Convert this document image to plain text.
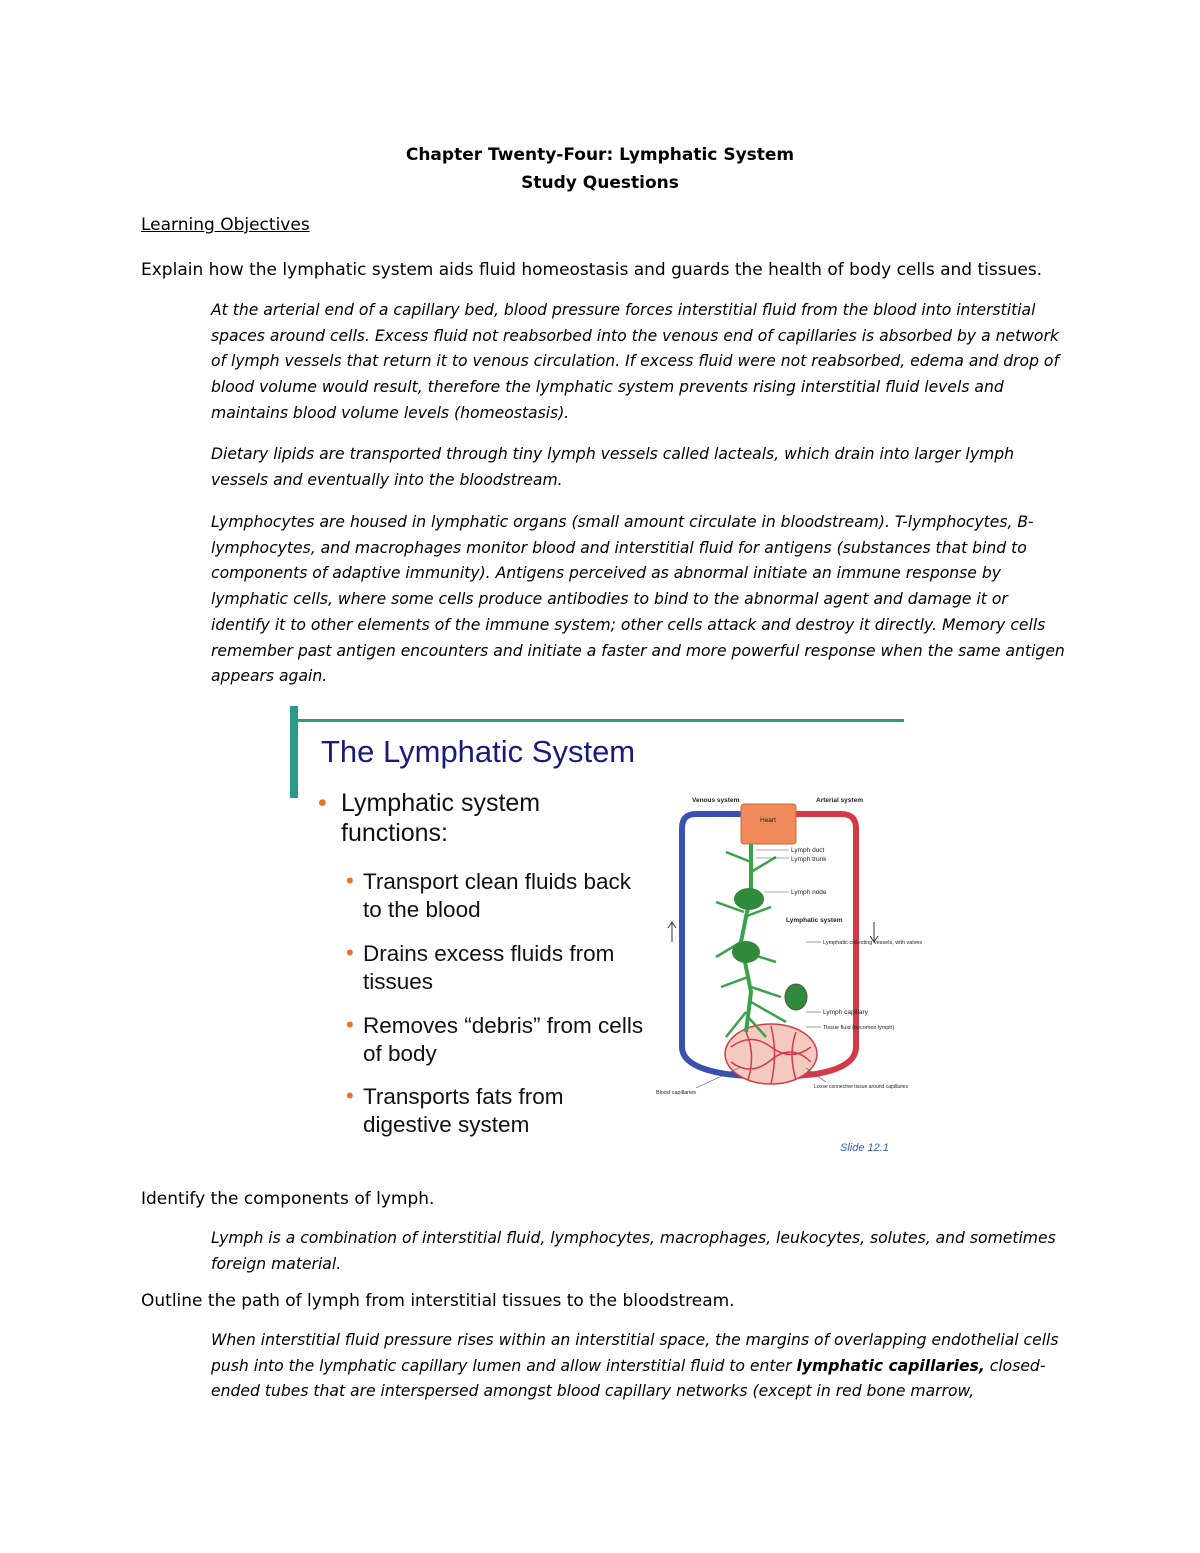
Chapter Twenty-Four: Lymphatic System
Study Questions
Learning Objectives
Explain how the lymphatic system aids fluid homeostasis and guards the health of body cells and tissues.
At the arterial end of a capillary bed, blood pressure forces interstitial fluid from the blood into interstitial spaces around cells. Excess fluid not reabsorbed into the venous end of capillaries is absorbed by a network of lymph vessels that return it to venous circulation. If excess fluid were not reabsorbed, edema and drop of blood volume would result, therefore the lymphatic system prevents rising interstitial fluid levels and maintains blood volume levels (homeostasis).
Dietary lipids are transported through tiny lymph vessels called lacteals, which drain into larger lymph vessels and eventually into the bloodstream.
Lymphocytes are housed in lymphatic organs (small amount circulate in bloodstream). T-lymphocytes, B-lymphocytes, and macrophages monitor blood and interstitial fluid for antigens (substances that bind to components of adaptive immunity). Antigens perceived as abnormal initiate an immune response by lymphatic cells, where some cells produce antibodies to bind to the abnormal agent and damage it or identify it to other elements of the immune system; other cells attack and destroy it directly. Memory cells remember past antigen encounters and initiate a faster and more powerful response when the same antigen appears again.
The Lymphatic System
• Lymphatic system functions:
• Transport clean fluids back to the blood
• Drains excess fluids from tissues
• Removes “debris” from cells of body
• Transports fats from digestive system
Heart
Venous system	Arterial system
Lymph duct
Lymph trunk
Lymph node
Lymphatic system
Lymphatic collecting vessels, with valves
Lymph capillary
Tissue fluid (becomes lymph)
Blood capillaries
Loose connective tissue around capillaries
Slide 12.1
Identify the components of lymph.
Lymph is a combination of interstitial fluid, lymphocytes, macrophages, leukocytes, solutes, and sometimes foreign material.
Outline the path of lymph from interstitial tissues to the bloodstream.
When interstitial fluid pressure rises within an interstitial space, the margins of overlapping endothelial cells push into the lymphatic capillary lumen and allow interstitial fluid to enter lymphatic capillaries, closed-ended tubes that are interspersed amongst blood capillary networks (except in red bone marrow,
